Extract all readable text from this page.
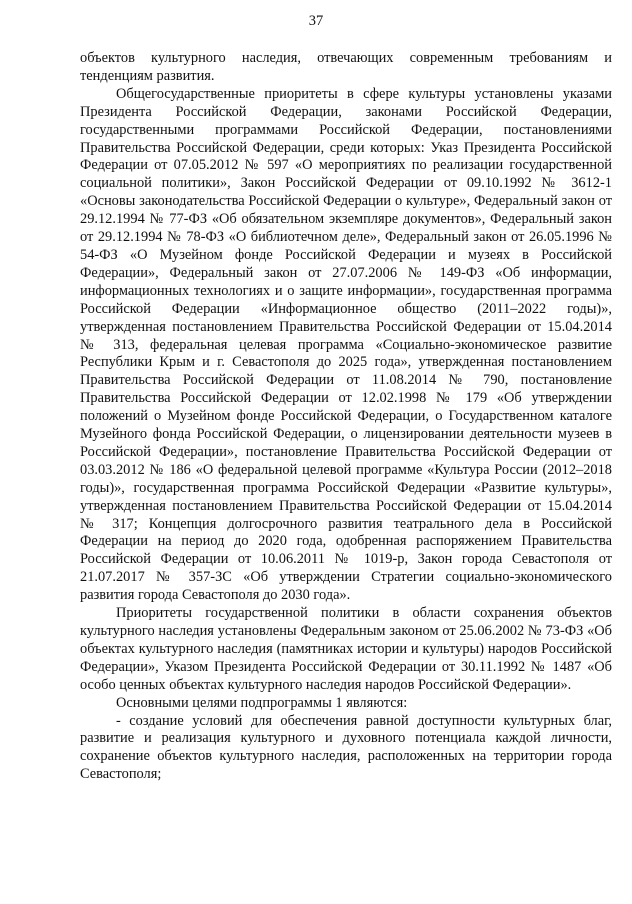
37

объектов культурного наследия, отвечающих современным требованиям и тенденциям развития.

Общегосударственные приоритеты в сфере культуры установлены указами Президента Российской Федерации, законами Российской Федерации, государственными программами Российской Федерации, постановлениями Правительства Российской Федерации, среди которых: Указ Президента Российской Федерации от 07.05.2012 № 597 «О мероприятиях по реализации государственной социальной политики», Закон Российской Федерации от 09.10.1992 № 3612-1 «Основы законодательства Российской Федерации о культуре», Федеральный закон от 29.12.1994 № 77-ФЗ «Об обязательном экземпляре документов», Федеральный закон от 29.12.1994 № 78-ФЗ «О библиотечном деле», Федеральный закон от 26.05.1996 № 54-ФЗ «О Музейном фонде Российской Федерации и музеях в Российской Федерации», Федеральный закон от 27.07.2006 № 149-ФЗ «Об информации, информационных технологиях и о защите информации», государственная программа Российской Федерации «Информационное общество (2011–2022 годы)», утвержденная постановлением Правительства Российской Федерации от 15.04.2014 № 313, федеральная целевая программа «Социально-экономическое развитие Республики Крым и г. Севастополя до 2025 года», утвержденная постановлением Правительства Российской Федерации от 11.08.2014 № 790, постановление Правительства Российской Федерации от 12.02.1998 № 179 «Об утверждении положений о Музейном фонде Российской Федерации, о Государственном каталоге Музейного фонда Российской Федерации, о лицензировании деятельности музеев в Российской Федерации», постановление Правительства Российской Федерации от 03.03.2012 № 186 «О федеральной целевой программе «Культура России (2012–2018 годы)», государственная программа Российской Федерации «Развитие культуры», утвержденная постановлением Правительства Российской Федерации от 15.04.2014 № 317; Концепция долгосрочного развития театрального дела в Российской Федерации на период до 2020 года, одобренная распоряжением Правительства Российской Федерации от 10.06.2011 № 1019-р, Закон города Севастополя от 21.07.2017 № 357-ЗС «Об утверждении Стратегии социально-экономического развития города Севастополя до 2030 года».

Приоритеты государственной политики в области сохранения объектов культурного наследия установлены Федеральным законом от 25.06.2002 № 73-ФЗ «Об объектах культурного наследия (памятниках истории и культуры) народов Российской Федерации», Указом Президента Российской Федерации от 30.11.1992 № 1487 «Об особо ценных объектах культурного наследия народов Российской Федерации».

Основными целями подпрограммы 1 являются:

- создание условий для обеспечения равной доступности культурных благ, развитие и реализация культурного и духовного потенциала каждой личности, сохранение объектов культурного наследия, расположенных на территории города Севастополя;
